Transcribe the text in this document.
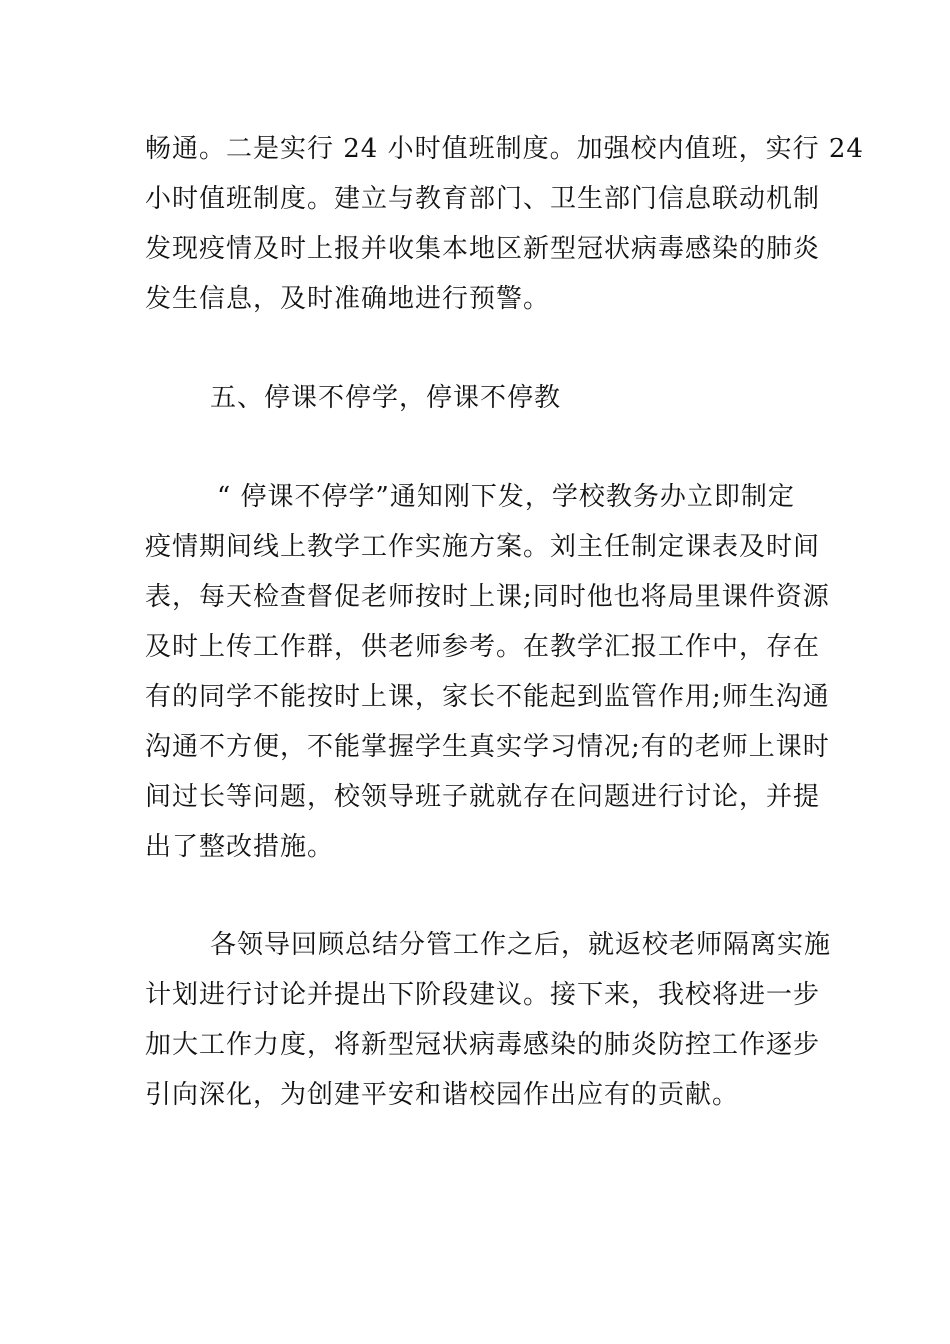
畅通。二是实行 24 小时值班制度。加强校内值班，实行 24
小时值班制度。建立与教育部门、卫生部门信息联动机制
发现疫情及时上报并收集本地区新型冠状病毒感染的肺炎
发生信息，及时准确地进行预警。
五、停课不停学，停课不停教
“ 停课不停学”通知刚下发，学校教务办立即制定
疫情期间线上教学工作实施方案。刘主任制定课表及时间
表，每天检查督促老师按时上课;同时他也将局里课件资源
及时上传工作群，供老师参考。在教学汇报工作中，存在
有的同学不能按时上课，家长不能起到监管作用;师生沟通
沟通不方便，不能掌握学生真实学习情况;有的老师上课时
间过长等问题，校领导班子就就存在问题进行讨论，并提
出了整改措施。
各领导回顾总结分管工作之后，就返校老师隔离实施
计划进行讨论并提出下阶段建议。接下来，我校将进一步
加大工作力度，将新型冠状病毒感染的肺炎防控工作逐步
引向深化，为创建平安和谐校园作出应有的贡献。
